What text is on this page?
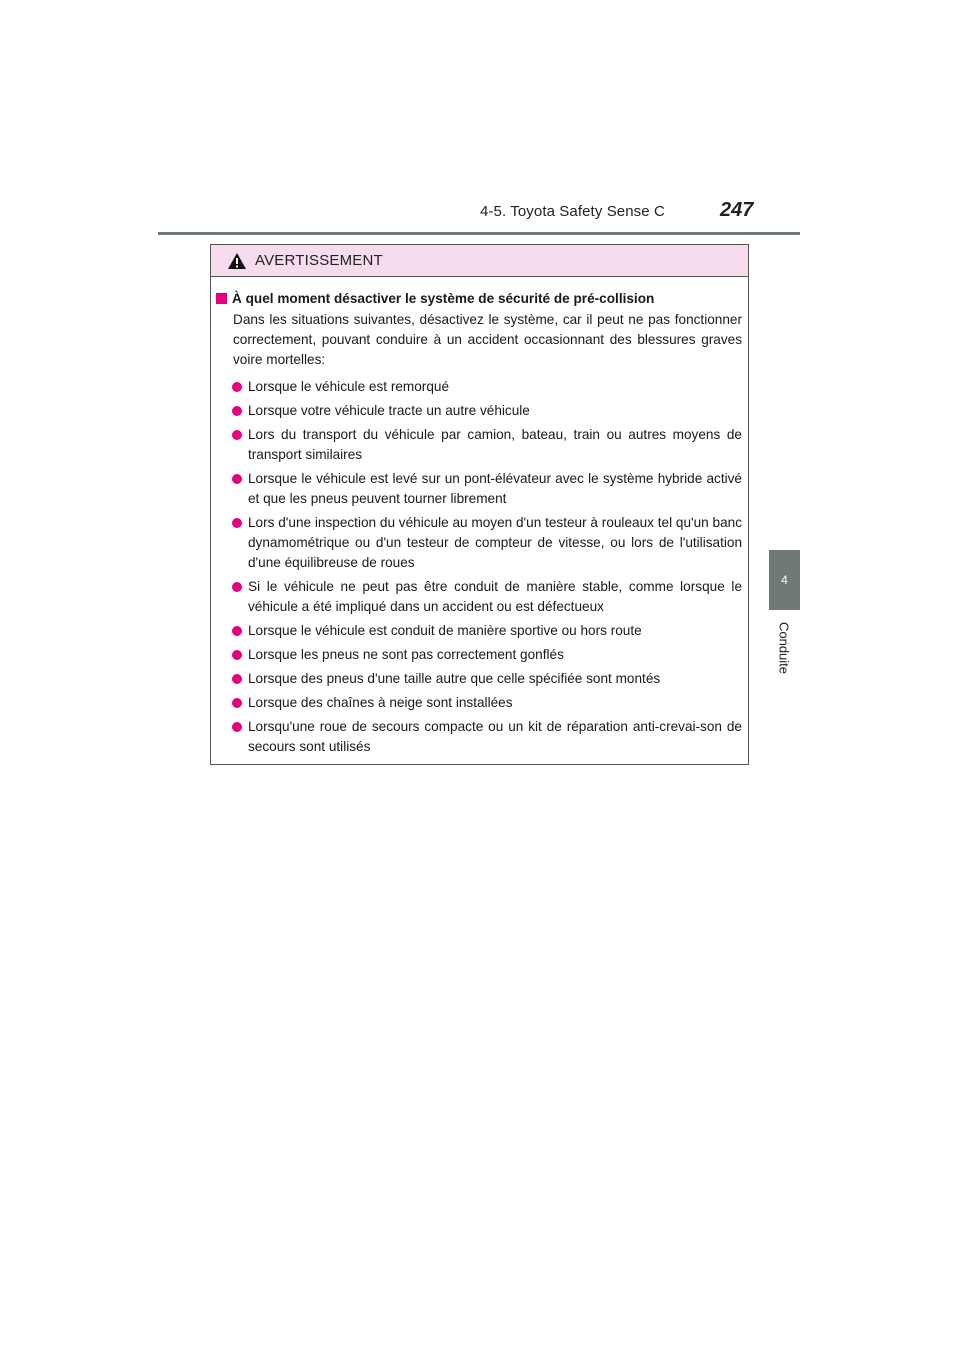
4-5. Toyota Safety Sense C	247
4
Conduite
AVERTISSEMENT
À quel moment désactiver le système de sécurité de pré-collision

Dans les situations suivantes, désactivez le système, car il peut ne pas fonctionner correctement, pouvant conduire à un accident occasionnant des blessures graves voire mortelles:

Lorsque le véhicule est remorqué
Lorsque votre véhicule tracte un autre véhicule
Lors du transport du véhicule par camion, bateau, train ou autres moyens de transport similaires
Lorsque le véhicule est levé sur un pont-élévateur avec le système hybride activé et que les pneus peuvent tourner librement
Lors d'une inspection du véhicule au moyen d'un testeur à rouleaux tel qu'un banc dynamométrique ou d'un testeur de compteur de vitesse, ou lors de l'utilisation d'une équilibreuse de roues
Si le véhicule ne peut pas être conduit de manière stable, comme lorsque le véhicule a été impliqué dans un accident ou est défectueux
Lorsque le véhicule est conduit de manière sportive ou hors route
Lorsque les pneus ne sont pas correctement gonflés
Lorsque des pneus d'une taille autre que celle spécifiée sont montés
Lorsque des chaînes à neige sont installées
Lorsqu'une roue de secours compacte ou un kit de réparation anti-crevai-son de secours sont utilisés
